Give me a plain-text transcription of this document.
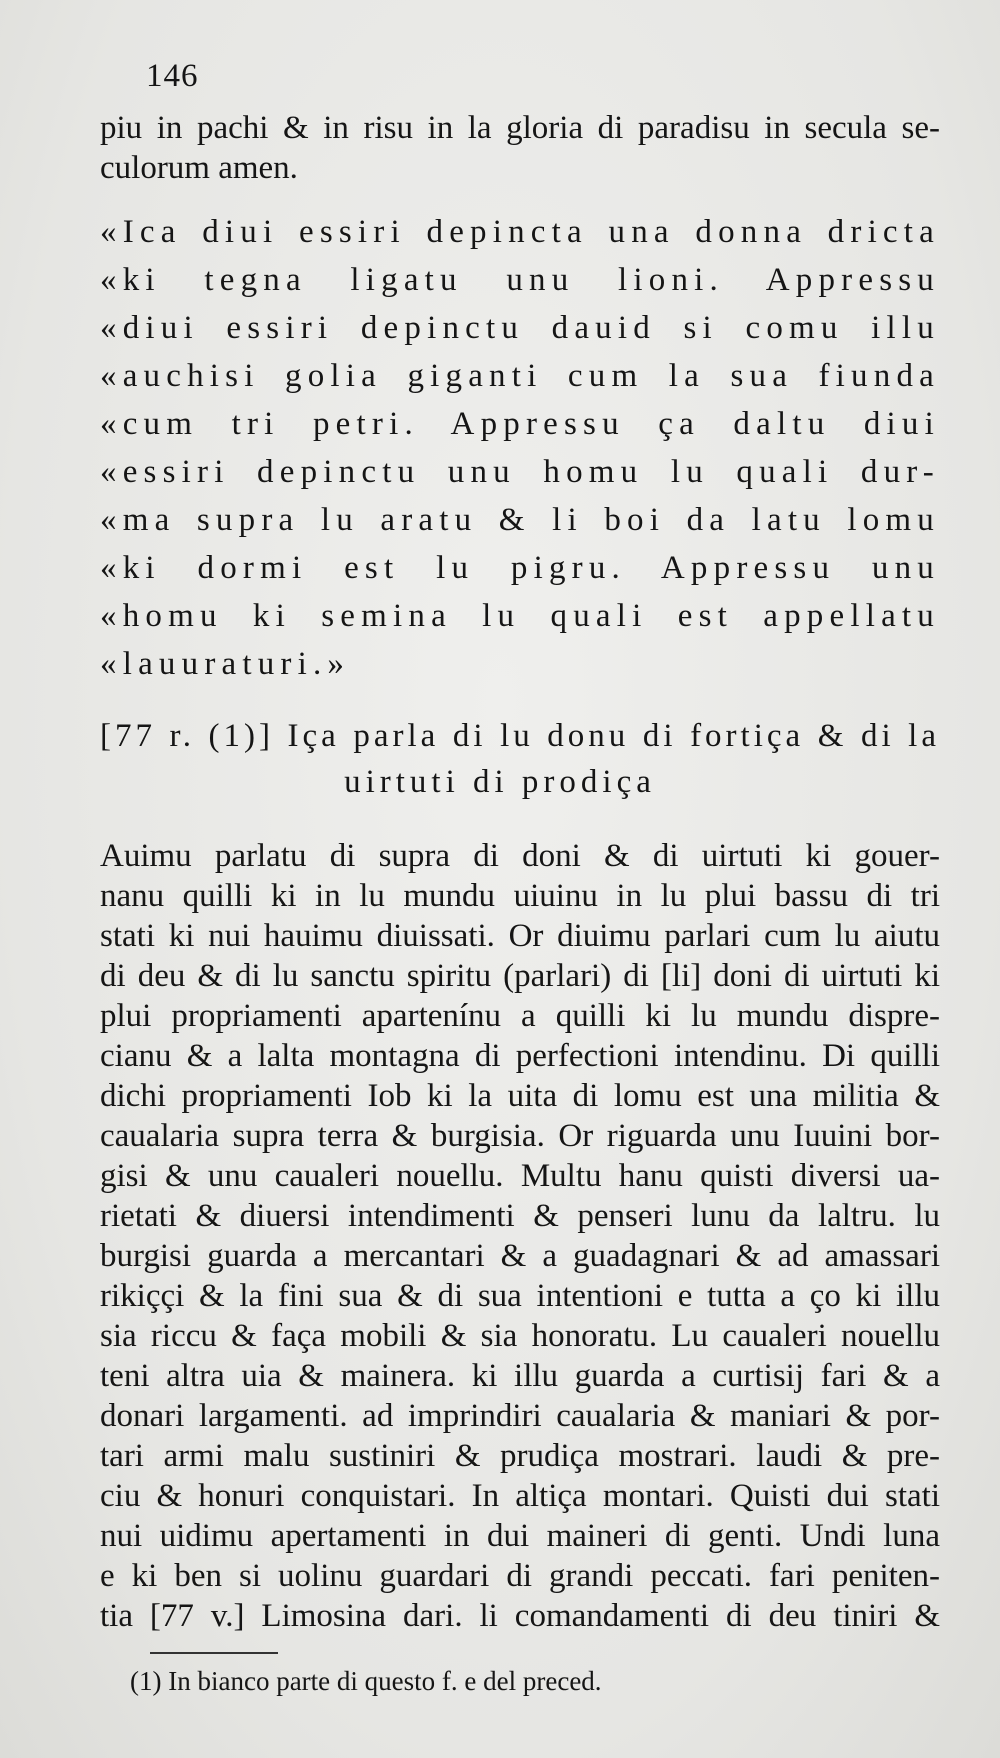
146
piu in pachi & in risu in la gloria di paradisu in secula se-
culorum amen.
«Ica diui essiri depincta una donna dricta
«ki tegna ligatu unu lioni. Appressu
«diui essiri depinctu dauid si comu illu
«auchisi golia giganti cum la sua fiunda
«cum tri petri. Appressu ça daltu diui
«essiri depinctu unu homu lu quali dur-
«ma supra lu aratu & li boi da latu lomu
«ki dormi est lu pigru. Appressu unu
«homu ki semina lu quali est appellatu
«lauuraturi.»
[77 r. (1)] Iça parla di lu donu di fortiça & di la
uirtuti di prodiça
Auimu parlatu di supra di doni & di uirtuti ki gouer-
nanu quilli ki in lu mundu uiuinu in lu plui bassu di tri
stati ki nui hauimu diuissati. Or diuimu parlari cum lu aiutu
di deu & di lu sanctu spiritu (parlari) di [li] doni di uirtuti ki
plui propriamenti apartenínu a quilli ki lu mundu dispre-
cianu & a lalta montagna di perfectioni intendinu. Di quilli
dichi propriamenti Iob ki la uita di lomu est una militia &
caualaria supra terra & burgisia. Or riguarda unu Iuuini bor-
gisi & unu caualeri nouellu. Multu hanu quisti diversi ua-
rietati & diuersi intendimenti & penseri lunu da laltru. lu
burgisi guarda a mercantari & a guadagnari & ad amassari
rikiççi & la fini sua & di sua intentioni e tutta a ço ki illu
sia riccu & faça mobili & sia honoratu. Lu caualeri nouellu
teni altra uia & mainera. ki illu guarda a curtisij fari & a
donari largamenti. ad imprindiri caualaria & maniari & por-
tari armi malu sustiniri & prudiça mostrari. laudi & pre-
ciu & honuri conquistari. In altiça montari. Quisti dui stati
nui uidimu apertamenti in dui maineri di genti. Undi luna
e ki ben si uolinu guardari di grandi peccati. fari peniten-
tia [77 v.] Limosina dari. li comandamenti di deu tiniri &
(1) In bianco parte di questo f. e del preced.
